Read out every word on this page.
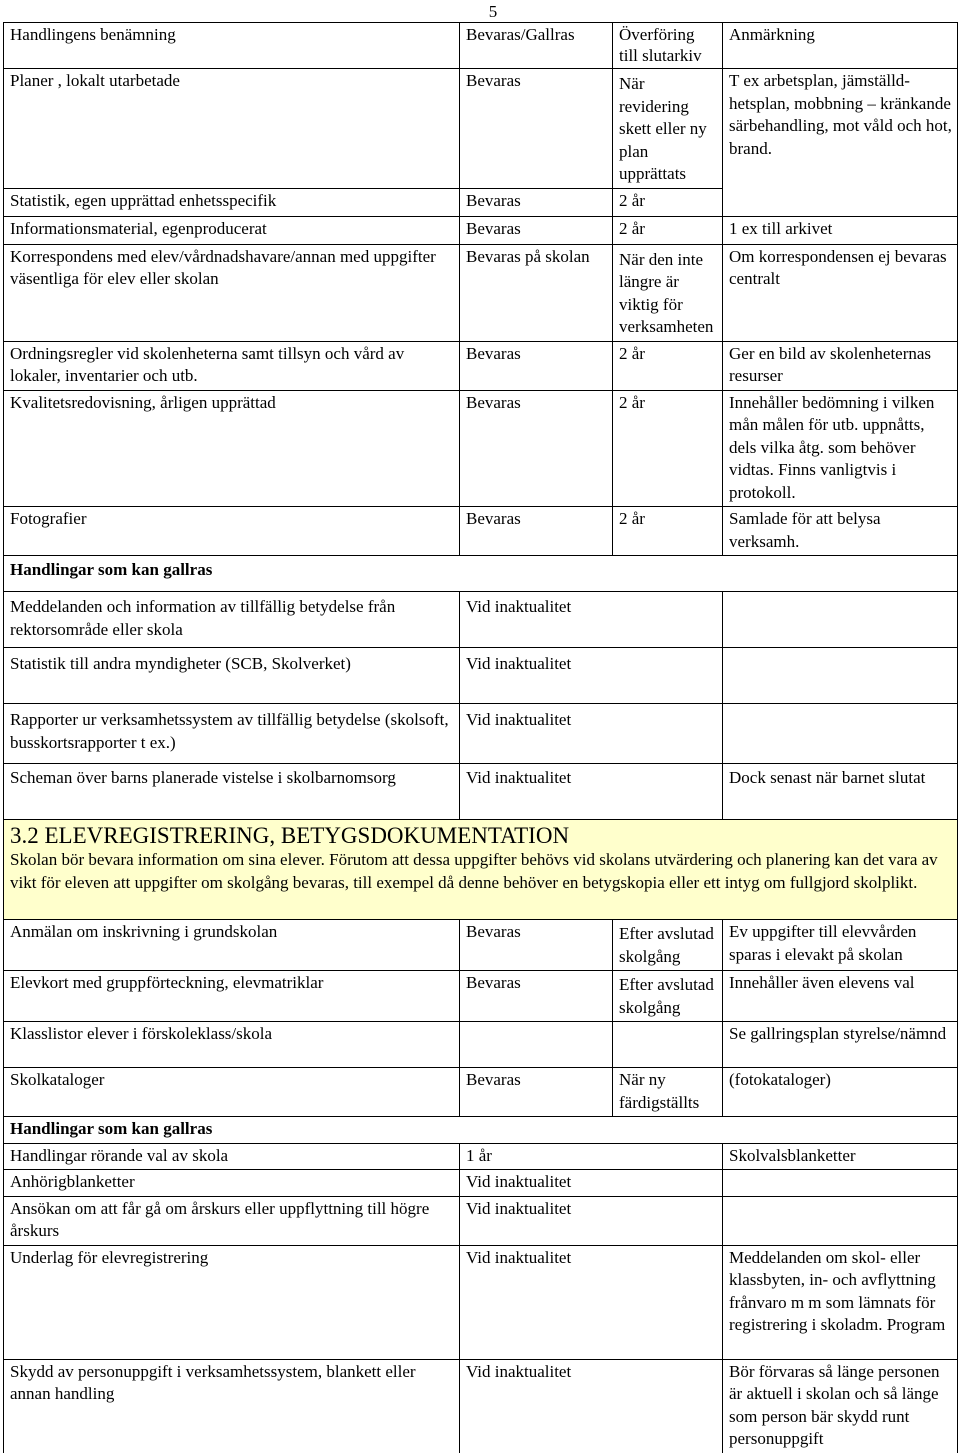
5
Handlingens benämning	Bevaras/Gallras	Överföring till slutarkiv	Anmärkning
Planer , lokalt utarbetade	Bevaras	När revidering skett eller ny plan upprättats	T ex arbetsplan, jämställd-hetsplan, mobbning – kränkande särbehandling, mot våld och hot, brand.
Statistik, egen upprättad enhetsspecifik	Bevaras	2 år	
Informationsmaterial, egenproducerat	Bevaras	2 år	1 ex till arkivet
Korrespondens med elev/vårdnadshavare/annan med uppgifter väsentliga för elev eller skolan	Bevaras på skolan	När den inte längre är viktig för verksamheten	Om korrespondensen ej bevaras centralt
Ordningsregler vid skolenheterna samt tillsyn och vård av lokaler, inventarier och utb.	Bevaras	2 år	Ger en bild av skolenheternas resurser
Kvalitetsredovisning, årligen upprättad	Bevaras	2 år	Innehåller bedömning i vilken mån målen för utb. uppnåtts, dels vilka åtg. som behöver vidtas. Finns vanligtvis i protokoll.
Fotografier	Bevaras	2 år	Samlade för att belysa verksamh.
Handlingar som kan gallras			
Meddelanden och information av tillfällig betydelse från rektorsområde eller skola	Vid inaktualitet		
Statistik till andra myndigheter (SCB, Skolverket)	Vid inaktualitet		
Rapporter ur verksamhetssystem av tillfällig betydelse (skolsoft, busskortsrapporter t ex.)	Vid inaktualitet		
Scheman över barns planerade vistelse i skolbarnomsorg	Vid inaktualitet		Dock senast när barnet slutat

3.2 ELEVREGISTRERING, BETYGSDOKUMENTATION
Skolan bör bevara information om sina elever. Förutom att dessa uppgifter behövs vid skolans utvärdering och planering kan det vara av vikt för eleven att uppgifter om skolgång bevaras, till exempel då denne behöver en betygskopia eller ett intyg om fullgjord skolplikt.			

Anmälan om inskrivning i grundskolan	Bevaras	Efter avslutad skolgång	Ev uppgifter till elevvården sparas i elevakt på skolan
Elevkort med gruppförteckning, elevmatriklar	Bevaras	Efter avslutad skolgång	Innehåller även elevens val
Klasslistor elever i förskoleklass/skola			Se gallringsplan styrelse/nämnd
Skolkataloger	Bevaras	När ny färdigställts	(fotokataloger)
Handlingar som kan gallras			
Handlingar rörande val av skola	1 år		Skolvalsblanketter
Anhörigblanketter	Vid inaktualitet		
Ansökan om att får gå om årskurs eller uppflyttning till högre årskurs	Vid inaktualitet		
Underlag för elevregistrering	Vid inaktualitet		Meddelanden om skol- eller klassbyten, in- och avflyttning frånvaro m m som lämnats för registrering i skoladm. Program
Skydd av personuppgift i verksamhetssystem, blankett eller annan handling	Vid inaktualitet		Bör förvaras så länge personen är aktuell i skolan och så länge som person bär skydd runt personuppgift
